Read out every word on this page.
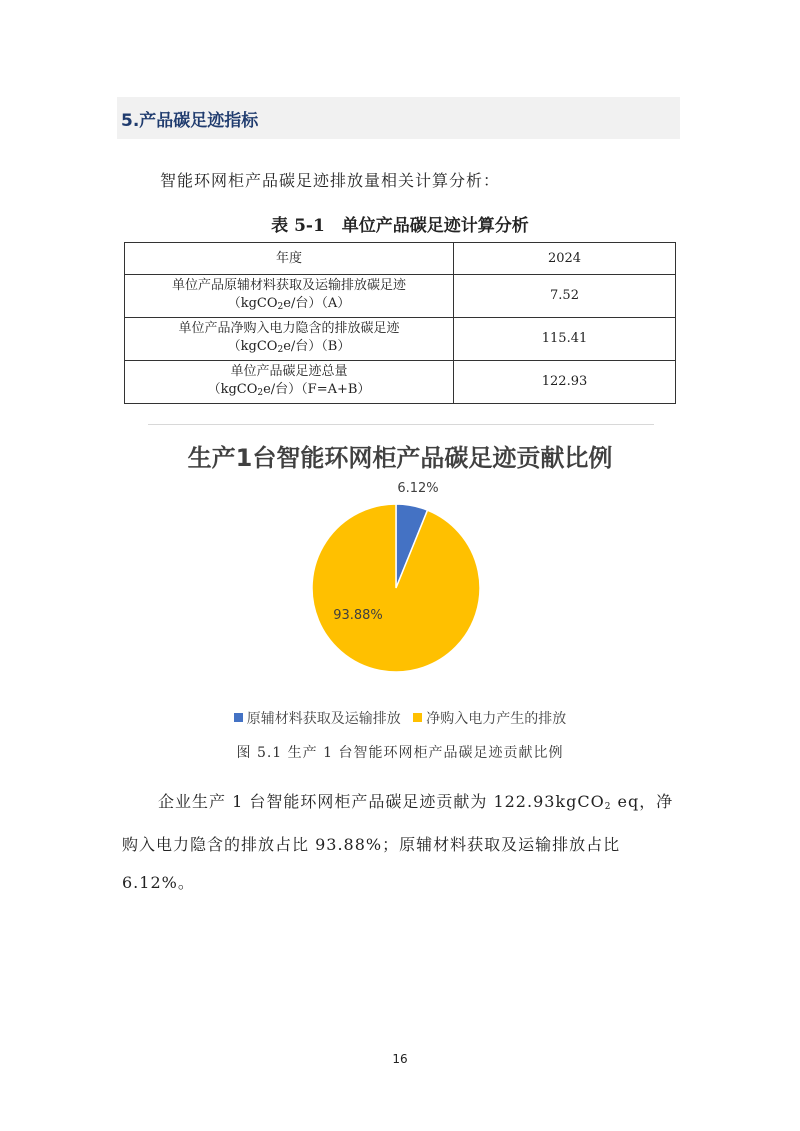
5.产品碳足迹指标
智能环网柜产品碳足迹排放量相关计算分析：
表 5-1　单位产品碳足迹计算分析
年度	2024

单位产品原辅材料获取及运输排放碳足迹
（kgCO$_2$e/台）（A）	7.52

单位产品净购入电力隐含的排放碳足迹
（kgCO$_2$e/台）（B）	115.41

单位产品碳足迹总量
（kgCO$_2$e/台）（F=A+B）	122.93
生产1台智能环网柜产品碳足迹贡献比例
6.12%
93.88%
原辅材料获取及运输排放 净购入电力产生的排放
图 5.1 生产 1 台智能环网柜产品碳足迹贡献比例
企业生产 1 台智能环网柜产品碳足迹贡献为 122.93kgCO$_2$ eq，净购入电力隐含的排放占比 93.88%；原辅材料获取及运输排放占比 6.12%。
16
